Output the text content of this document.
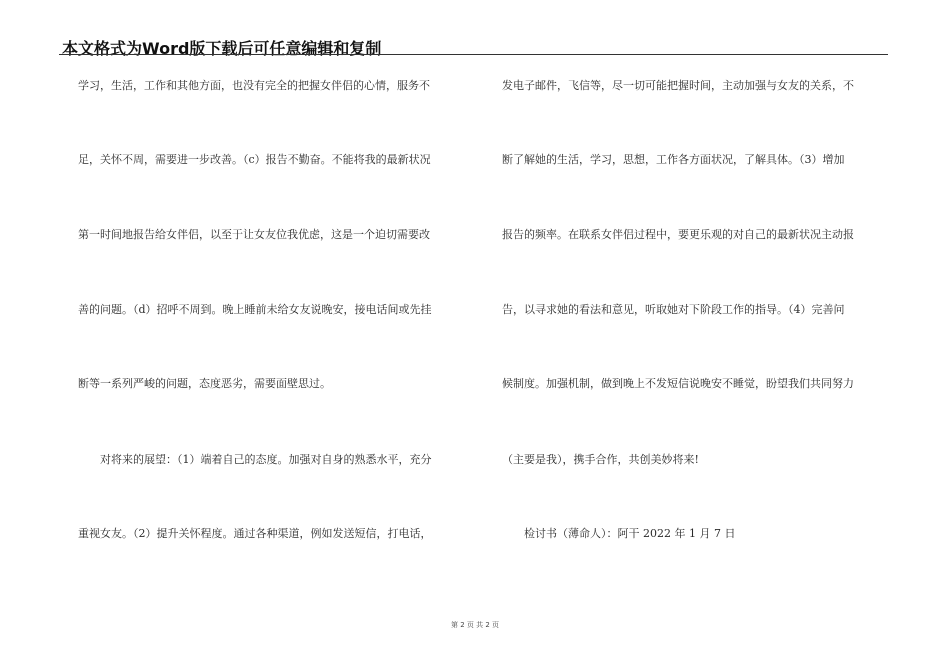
本文格式为Word版下载后可任意编辑和复制
学习，生活，工作和其他方面，也没有完全的把握女伴侣的心情，服务不
足，关怀不周，需要进一步改善。（c）报告不勤奋。不能将我的最新状况
第一时间地报告给女伴侣，以至于让女友位我优虑，这是一个迫切需要改
善的问题。（d）招呼不周到。晚上睡前未给女友说晚安，接电话间或先挂
断等一系列严峻的问题，态度恶劣，需要面壁思过。
对将来的展望：（1）端着自己的态度。加强对自身的熟悉水平，充分
重视女友。（2）提升关怀程度。通过各种渠道，例如发送短信，打电话，
发电子邮件，飞信等，尽一切可能把握时间，主动加强与女友的关系，不
断了解她的生活，学习，思想，工作各方面状况，了解具体。（3）增加
报告的频率。在联系女伴侣过程中，要更乐观的对自己的最新状况主动报
告，以寻求她的看法和意见，听取她对下阶段工作的指导。（4）完善问
候制度。加强机制，做到晚上不发短信说晚安不睡觉，盼望我们共同努力
（主要是我），携手合作，共创美妙将来!
检讨书（薄命人）：阿干 2022 年 1 月 7 日
第 2 页 共 2 页
